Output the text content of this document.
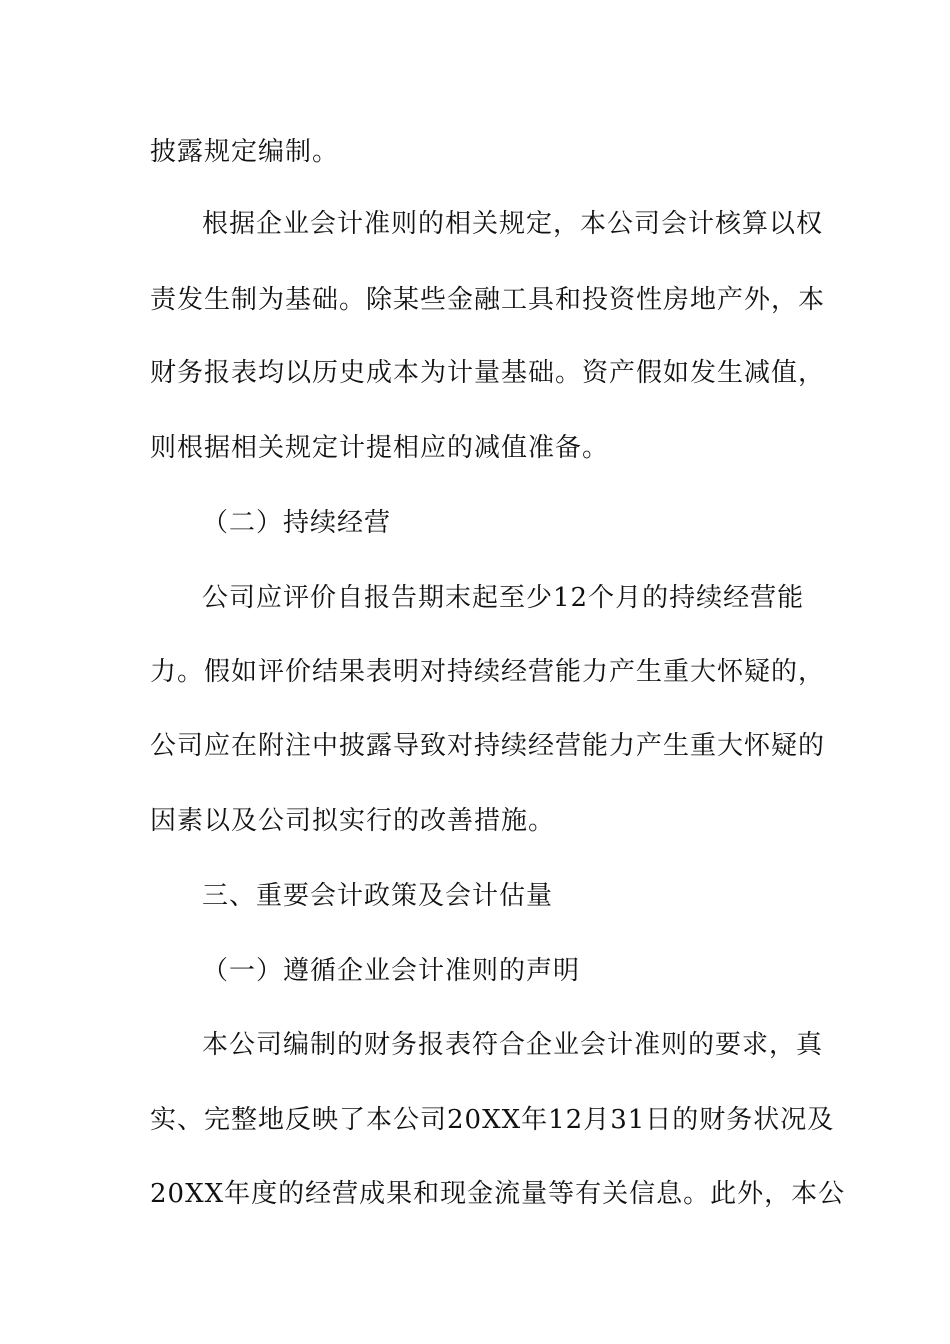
披露规定编制。
根据企业会计准则的相关规定，本公司会计核算以权
责发生制为基础。除某些金融工具和投资性房地产外，本
财务报表均以历史成本为计量基础。资产假如发生减值，
则根据相关规定计提相应的减值准备。
（二）持续经营
公司应评价自报告期末起至少12个月的持续经营能
力。假如评价结果表明对持续经营能力产生重大怀疑的，
公司应在附注中披露导致对持续经营能力产生重大怀疑的
因素以及公司拟实行的改善措施。
三、重要会计政策及会计估量
（一）遵循企业会计准则的声明
本公司编制的财务报表符合企业会计准则的要求，真
实、完整地反映了本公司20XX年12月31日的财务状况及
20XX年度的经营成果和现金流量等有关信息。此外，本公
